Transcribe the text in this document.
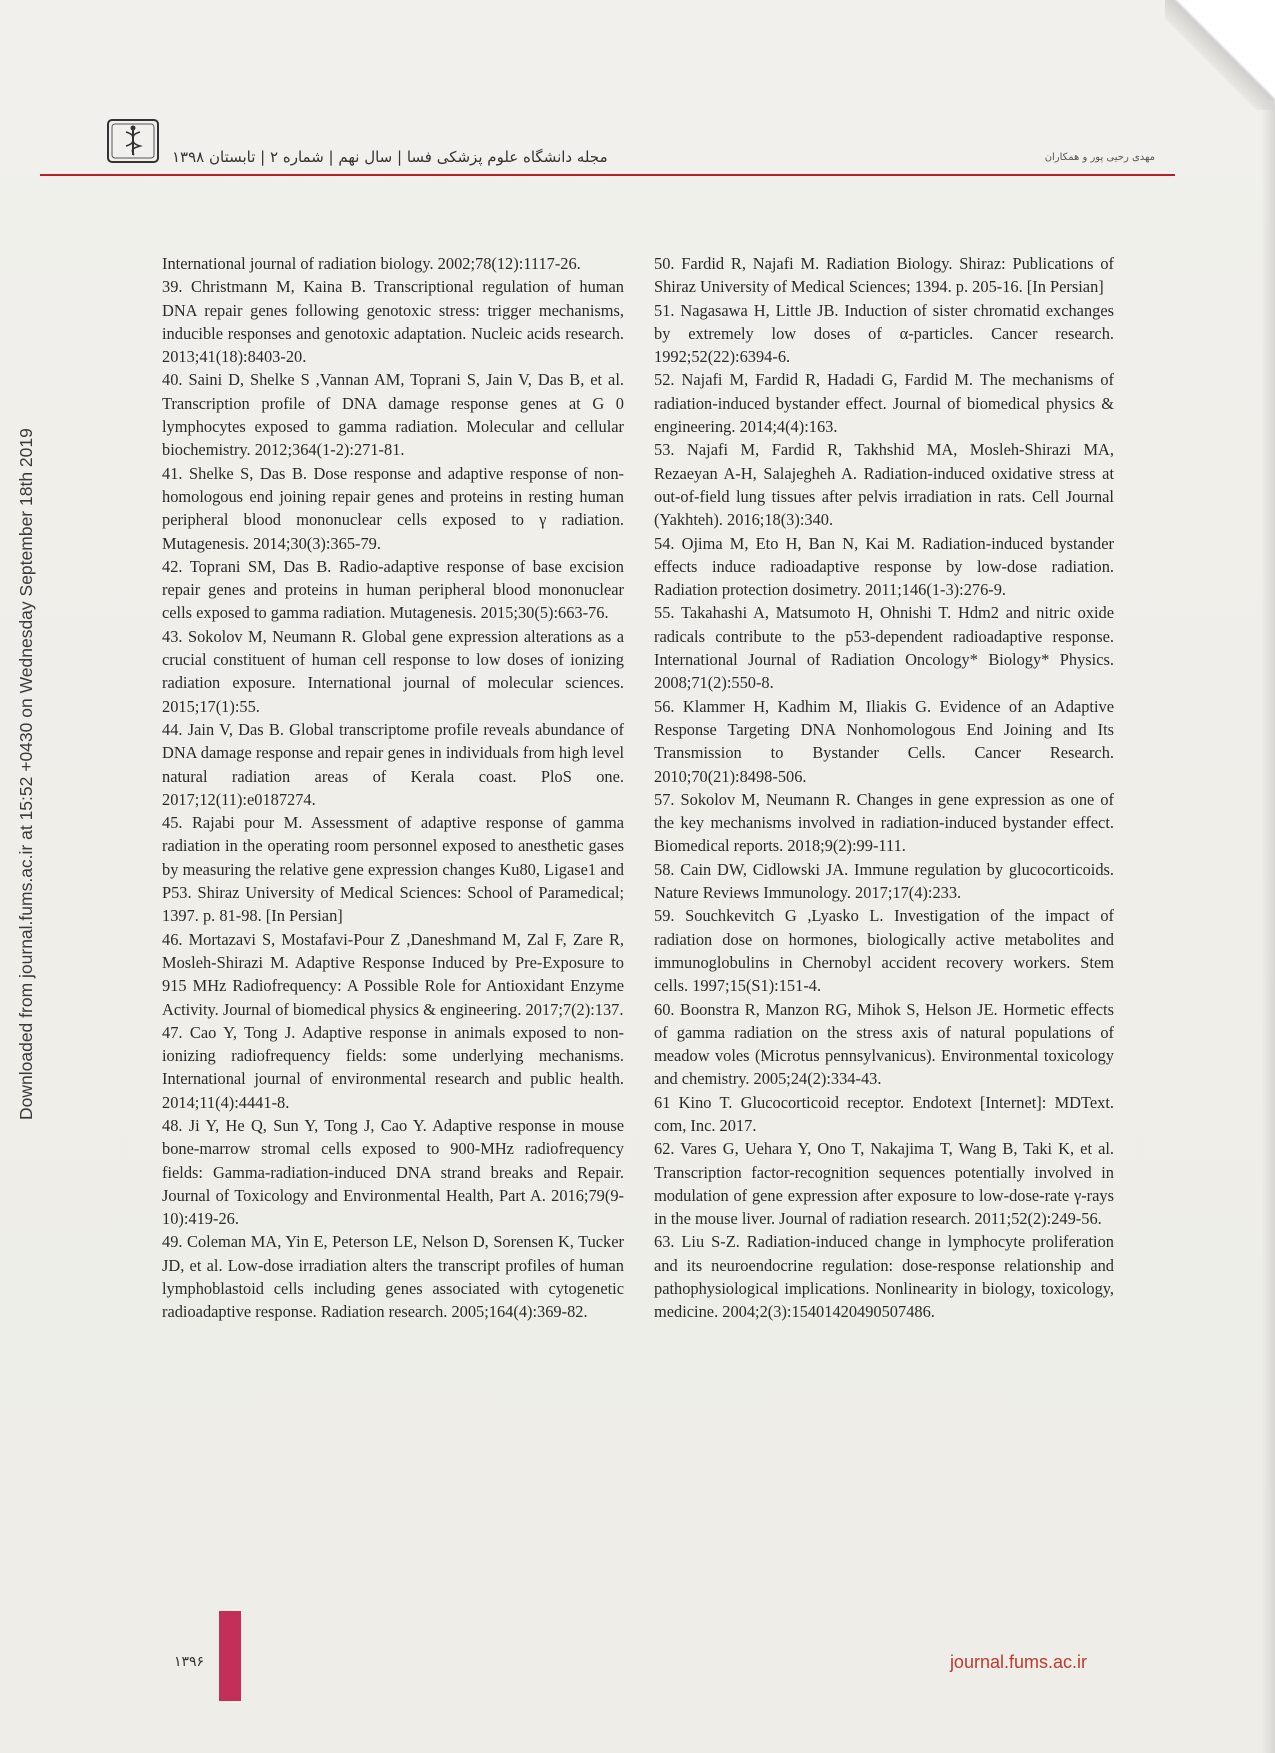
مجله دانشگاه علوم پزشکی فسا | سال نهم | شماره ۲ | تابستان ۱۳۹۸	مهدی رحیی پور و همکاران
Downloaded from journal.fums.ac.ir at 15:52 +0430 on Wednesday September 18th 2019

International journal of radiation biology. 2002;78(12):1117-26.

39. Christmann M, Kaina B. Transcriptional regulation of human DNA repair genes following genotoxic stress: trigger mechanisms, inducible responses and genotoxic adaptation. Nucleic acids research. 2013;41(18):8403-20.

40. Saini D, Shelke S ,Vannan AM, Toprani S, Jain V, Das B, et al. Transcription profile of DNA damage response genes at G 0 lymphocytes exposed to gamma radiation. Molecular and cellular biochemistry. 2012;364(1-2):271-81.

41. Shelke S, Das B. Dose response and adaptive response of non-homologous end joining repair genes and proteins in resting human peripheral blood mononuclear cells exposed to γ radiation. Mutagenesis. 2014;30(3):365-79.

42. Toprani SM, Das B. Radio-adaptive response of base excision repair genes and proteins in human peripheral blood mononuclear cells exposed to gamma radiation. Mutagenesis. 2015;30(5):663-76.

43. Sokolov M, Neumann R. Global gene expression alterations as a crucial constituent of human cell response to low doses of ionizing radiation exposure. International journal of molecular sciences. 2015;17(1):55.

44. Jain V, Das B. Global transcriptome profile reveals abundance of DNA damage response and repair genes in individuals from high level natural radiation areas of Kerala coast. PloS one. 2017;12(11):e0187274.

45. Rajabi pour M. Assessment of adaptive response of gamma radiation in the operating room personnel exposed to anesthetic gases by measuring the relative gene expression changes Ku80, Ligase1 and P53. Shiraz University of Medical Sciences: School of Paramedical; 1397. p. 81-98. [In Persian]

46. Mortazavi S, Mostafavi-Pour Z ,Daneshmand M, Zal F, Zare R, Mosleh-Shirazi M. Adaptive Response Induced by Pre-Exposure to 915 MHz Radiofrequency: A Possible Role for Antioxidant Enzyme Activity. Journal of biomedical physics & engineering. 2017;7(2):137.

47. Cao Y, Tong J. Adaptive response in animals exposed to non-ionizing radiofrequency fields: some underlying mechanisms. International journal of environmental research and public health. 2014;11(4):4441-8.

48. Ji Y, He Q, Sun Y, Tong J, Cao Y. Adaptive response in mouse bone-marrow stromal cells exposed to 900-MHz radiofrequency fields: Gamma-radiation-induced DNA strand breaks and Repair. Journal of Toxicology and Environmental Health, Part A. 2016;79(9-10):419-26.

49. Coleman MA, Yin E, Peterson LE, Nelson D, Sorensen K, Tucker JD, et al. Low-dose irradiation alters the transcript profiles of human lymphoblastoid cells including genes associated with cytogenetic radioadaptive response. Radiation research. 2005;164(4):369-82.

50. Fardid R, Najafi M. Radiation Biology. Shiraz: Publications of Shiraz University of Medical Sciences; 1394. p. 205-16. [In Persian]

51. Nagasawa H, Little JB. Induction of sister chromatid exchanges by extremely low doses of α-particles. Cancer research. 1992;52(22):6394-6.

52. Najafi M, Fardid R, Hadadi G, Fardid M. The mechanisms of radiation-induced bystander effect. Journal of biomedical physics & engineering. 2014;4(4):163.

53. Najafi M, Fardid R, Takhshid MA, Mosleh-Shirazi MA, Rezaeyan A-H, Salajegheh A. Radiation-induced oxidative stress at out-of-field lung tissues after pelvis irradiation in rats. Cell Journal (Yakhteh). 2016;18(3):340.

54. Ojima M, Eto H, Ban N, Kai M. Radiation-induced bystander effects induce radioadaptive response by low-dose radiation. Radiation protection dosimetry. 2011;146(1-3):276-9.

55. Takahashi A, Matsumoto H, Ohnishi T. Hdm2 and nitric oxide radicals contribute to the p53-dependent radioadaptive response. International Journal of Radiation Oncology* Biology* Physics. 2008;71(2):550-8.

56. Klammer H, Kadhim M, Iliakis G. Evidence of an Adaptive Response Targeting DNA Nonhomologous End Joining and Its Transmission to Bystander Cells. Cancer Research. 2010;70(21):8498-506.

57. Sokolov M, Neumann R. Changes in gene expression as one of the key mechanisms involved in radiation-induced bystander effect. Biomedical reports. 2018;9(2):99-111.

58. Cain DW, Cidlowski JA. Immune regulation by glucocorticoids. Nature Reviews Immunology. 2017;17(4):233.

59. Souchkevitch G ,Lyasko L. Investigation of the impact of radiation dose on hormones, biologically active metabolites and immunoglobulins in Chernobyl accident recovery workers. Stem cells. 1997;15(S1):151-4.

60. Boonstra R, Manzon RG, Mihok S, Helson JE. Hormetic effects of gamma radiation on the stress axis of natural populations of meadow voles (Microtus pennsylvanicus). Environmental toxicology and chemistry. 2005;24(2):334-43.

61 Kino T. Glucocorticoid receptor. Endotext [Internet]: MDText. com, Inc. 2017.

62. Vares G, Uehara Y, Ono T, Nakajima T, Wang B, Taki K, et al. Transcription factor-recognition sequences potentially involved in modulation of gene expression after exposure to low-dose-rate γ-rays in the mouse liver. Journal of radiation research. 2011;52(2):249-56.

63. Liu S-Z. Radiation-induced change in lymphocyte proliferation and its neuroendocrine regulation: dose-response relationship and pathophysiological implications. Nonlinearity in biology, toxicology, medicine. 2004;2(3):15401420490507486.

۱۳۹۶	journal.fums.ac.ir
